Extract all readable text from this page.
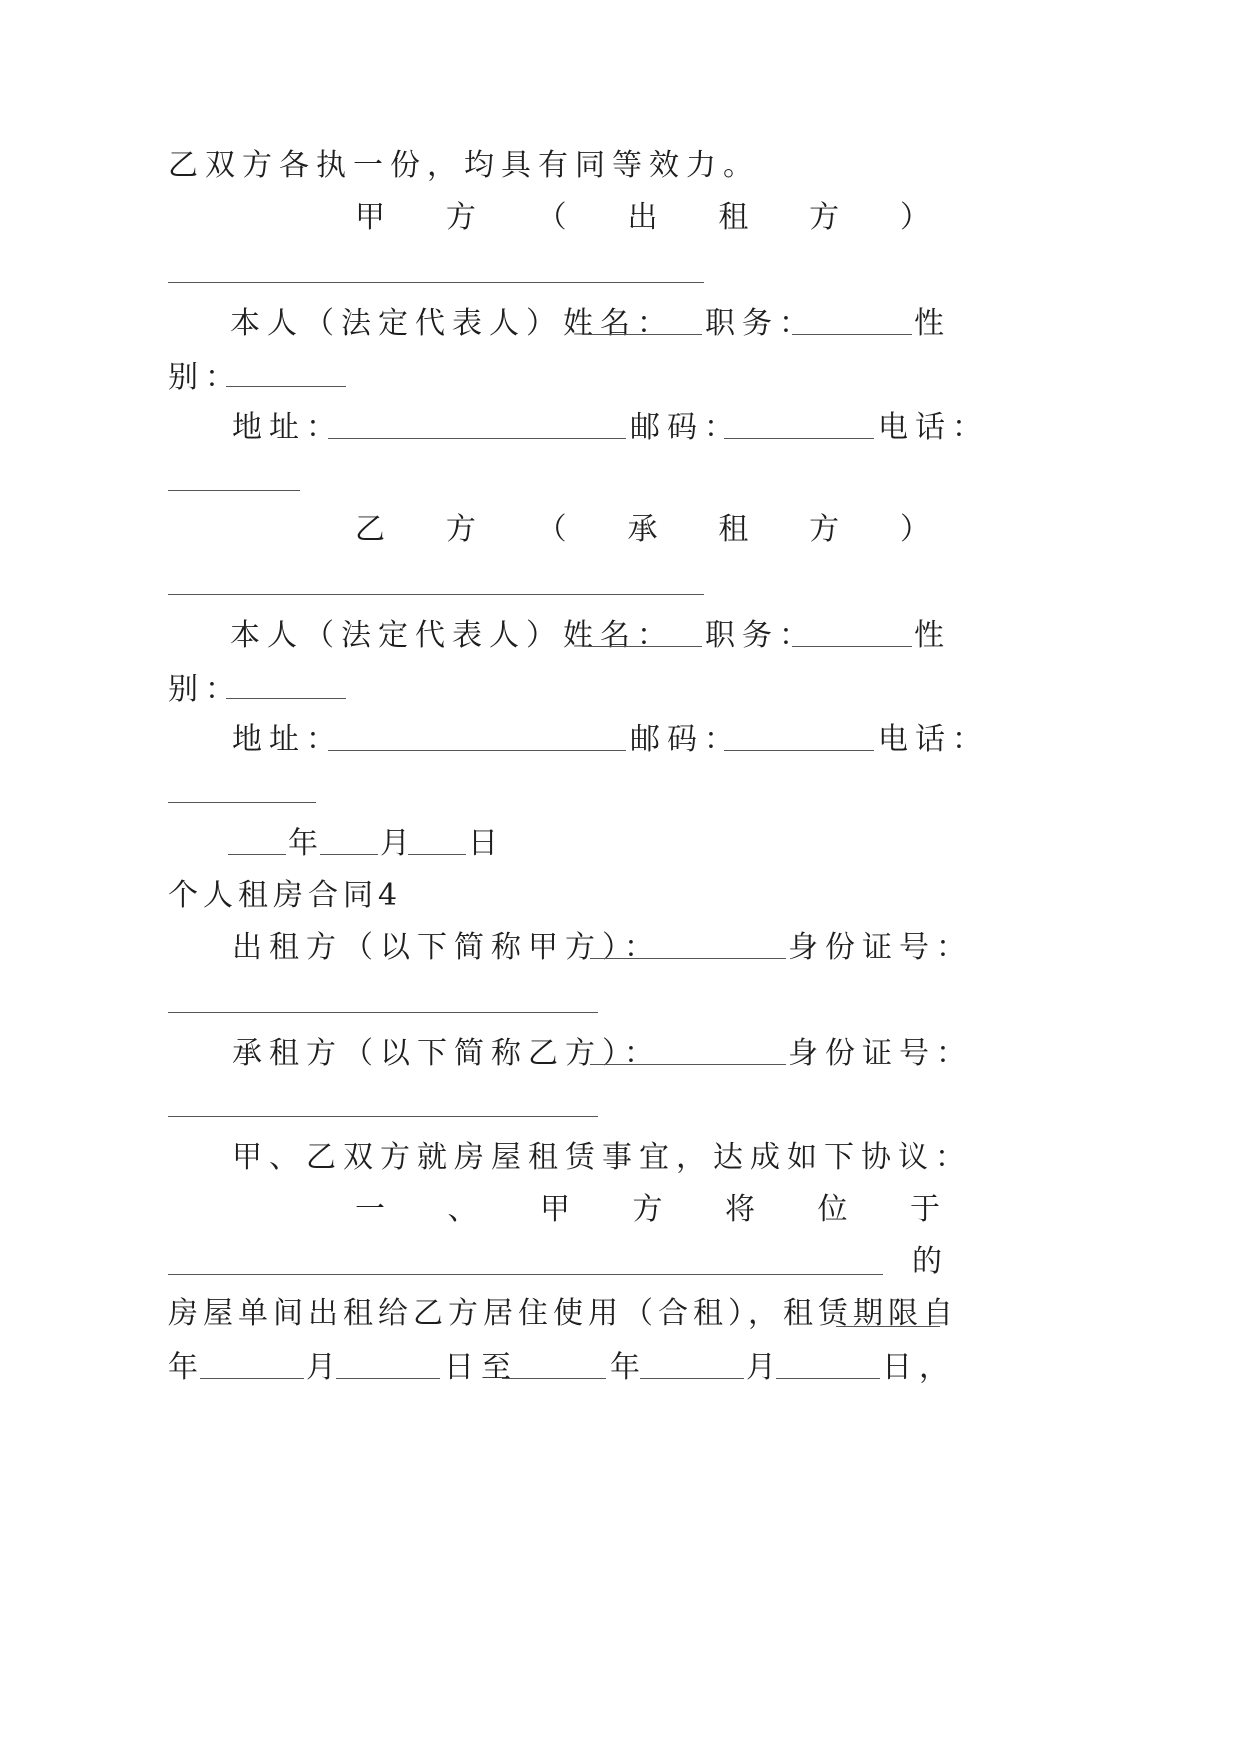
乙双方各执一份，均具有同等效力。
甲 方 （ 出 租 方 ）
本人（法定代表人）姓名： 职务：	性
别：
地址：	邮码：	电话：
乙 方 （ 承 租 方 ）
本人（法定代表人）姓名： 职务：	性
别：
地址：	邮码：	电话：
年 月 日
个人租房合同4
出租方（以下简称甲方）：	身份证号：
承租方（以下简称乙方）：	身份证号：
甲、乙双方就房屋租赁事宜，达成如下协议：
一 、 甲 方 将 位 于
的
房屋单间出租给乙方居住使用（合租），租赁期限自
年	月	日至	年	月	日，
